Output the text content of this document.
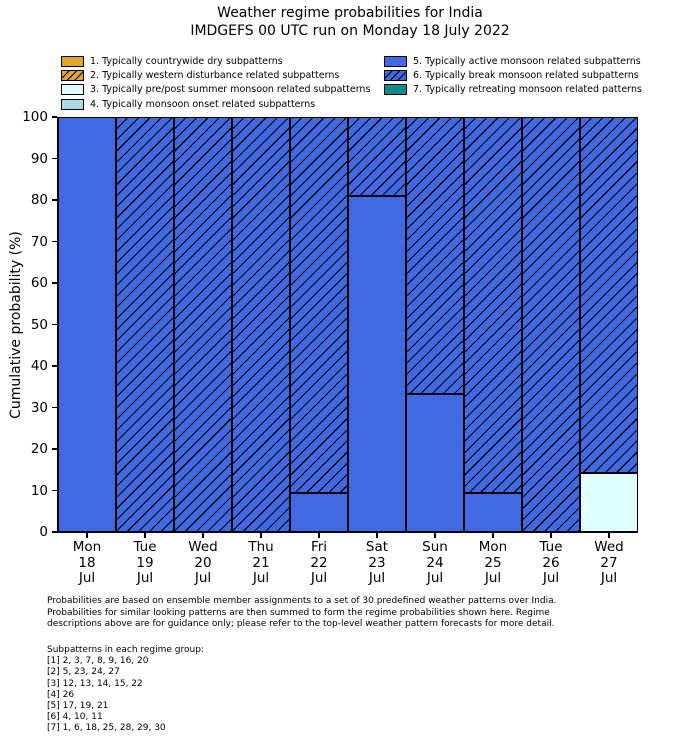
Weather regime probabilities for India
IMDGEFS 00 UTC run on Monday 18 July 2022
1. Typically countrywide dry subpatterns
2. Typically western disturbance related subpatterns
3. Typically pre/post summer monsoon related subpatterns
4. Typically monsoon onset related subpatterns
5. Typically active monsoon related subpatterns
6. Typically break monsoon related subpatterns
7. Typically retreating monsoon related patterns
Cumulative probability (%)
0
10
20
30
40
50
60
70
80
90
100
Mon
18
Jul
Tue
19
Jul
Wed
20
Jul
Thu
21
Jul
Fri
22
Jul
Sat
23
Jul
Sun
24
Jul
Mon
25
Jul
Tue
26
Jul
Wed
27
Jul
Probabilities are based on ensemble member assignments to a set of 30 predefined weather patterns over India.
Probabilities for similar looking patterns are then summed to form the regime probabilities shown here. Regime
descriptions above are for guidance only; please refer to the top-level weather pattern forecasts for more detail.
Subpatterns in each regime group:
[1] 2, 3, 7, 8, 9, 16, 20
[2] 5, 23, 24, 27
[3] 12, 13, 14, 15, 22
[4] 26
[5] 17, 19, 21
[6] 4, 10, 11
[7] 1, 6, 18, 25, 28, 29, 30
